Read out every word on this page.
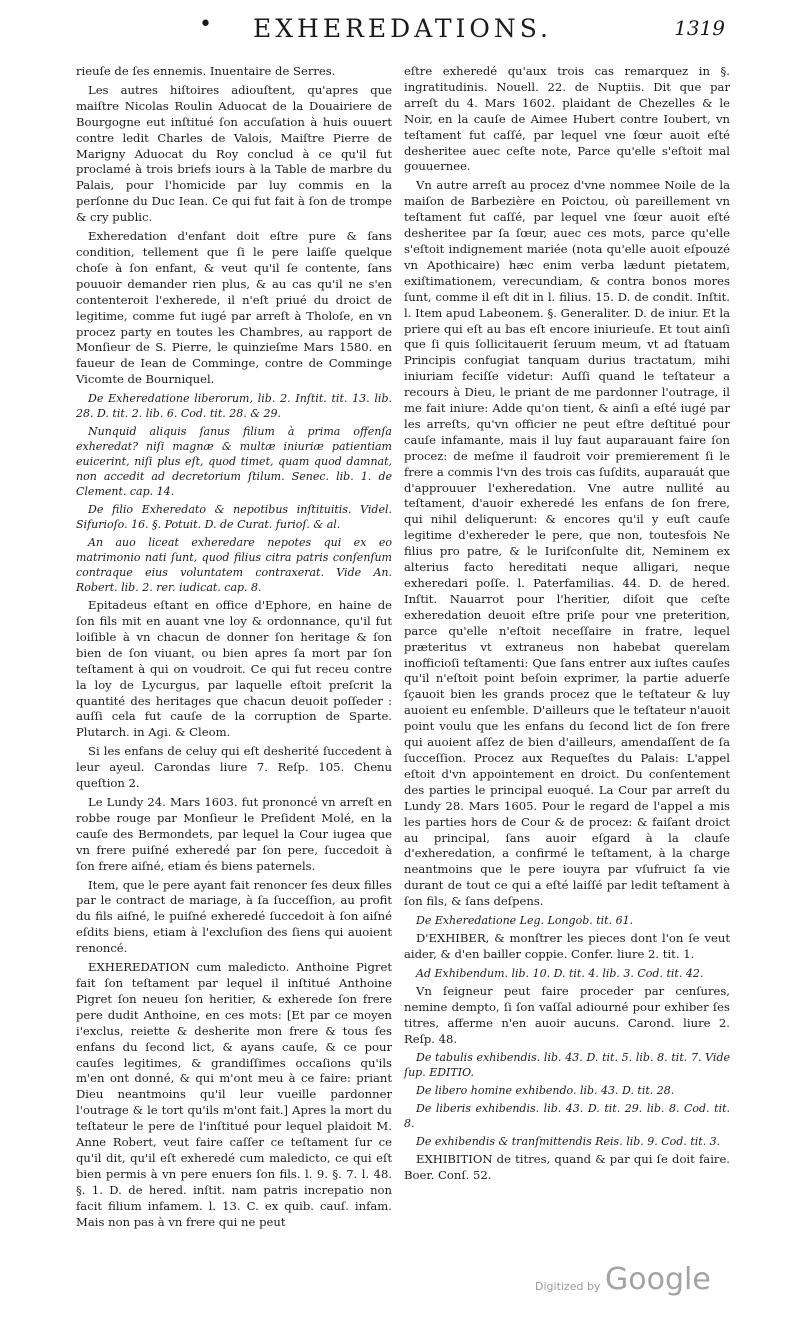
•	EXHEREDATIONS.	1319

rieuſe de ſes ennemis. Inuentaire de Serres.

Les autres hiſtoires adiouſtent, qu'apres que maiſtre Nicolas Roulin Aduocat de la Douairiere de Bourgogne eut inſtitué ſon accuſation à huis ouuert contre ledit Charles de Valois, Maiſtre Pierre de Marigny Aduocat du Roy conclud à ce qu'il fut proclamé à trois briefs iours à la Table de marbre du Palais, pour l'homicide par luy commis en la perſonne du Duc Iean. Ce qui fut fait à ſon de trompe & cry public.

Exheredation d'enfant doit eſtre pure & ſans condition, tellement que ſi le pere laiſſe quelque choſe à ſon enfant, & veut qu'il ſe contente, ſans pouuoir demander rien plus, & au cas qu'il ne s'en contenteroit l'exherede, il n'eſt priué du droict de legitime, comme fut iugé par arreſt à Tholoſe, en vn procez party en toutes les Chambres, au rapport de Monſieur de S. Pierre, le quinzieſme Mars 1580. en faueur de Iean de Comminge, contre de Comminge Vicomte de Bourniquel.

De Exheredatione liberorum, lib. 2. Inſtit. tit. 13. lib. 28. D. tit. 2. lib. 6. Cod. tit. 28. & 29.

Nunquid aliquis ſanus filium à prima offenſa exheredat? niſi magnæ & multæ iniuriæ patientiam euicerint, niſi plus eſt, quod timet, quam quod damnat, non accedit ad decretorium ſtilum. Senec. lib. 1. de Clement. cap. 14.

De filio Exheredato & nepotibus inſtituitis. Videl. Sifurioſo. 16. §. Potuit. D. de Curat. furioſ. & al.

An auo liceat exheredare nepotes qui ex eo matrimonio nati ſunt, quod filius citra patris conſenſum contraque eius voluntatem contraxerat. Vide An. Robert. lib. 2. rer. iudicat. cap. 8.

Epitadeus eſtant en office d'Ephore, en haine de ſon fils mit en auant vne loy & ordonnance, qu'il fut loiſible à vn chacun de donner ſon heritage & ſon bien de ſon viuant, ou bien apres ſa mort par ſon teſtament à qui on voudroit. Ce qui fut receu contre la loy de Lycurgus, par laquelle eſtoit preſcrit la quantité des heritages que chacun deuoit poſſeder : auſſi cela fut cauſe de la corruption de Sparte. Plutarch. in Agi. & Cleom.

Si les enfans de celuy qui eſt desherité ſuccedent à leur ayeul. Carondas liure 7. Reſp. 105. Chenu queſtion 2.

Le Lundy 24. Mars 1603. fut prononcé vn arreſt en robbe rouge par Monſieur le Preſident Molé, en la cauſe des Bermondets, par lequel la Cour iugea que vn frere puiſné exheredé par ſon pere, ſuccedoit à ſon frere aiſné, etiam és biens paternels.

Item, que le pere ayant fait renoncer ſes deux filles par le contract de mariage, à ſa ſucceſſion, au profit du fils aiſné, le puiſné exheredé ſuccedoit à ſon aiſné eſdits biens, etiam à l'excluſion des ſiens qui auoient renoncé.

EXHEREDATION cum maledicto. Anthoine Pigret fait ſon teſtament par lequel il inſtitué Anthoine Pigret ſon neueu ſon heritier, & exherede ſon frere pere dudit Anthoine, en ces mots: [Et par ce moyen i'exclus, reiette & desherite mon frere & tous ſes enfans du ſecond lict, & ayans cauſe, & ce pour cauſes legitimes, & grandiſſimes occaſions qu'ils m'en ont donné, & qui m'ont meu à ce faire: priant Dieu neantmoins qu'il leur vueille pardonner l'outrage & le tort qu'ils m'ont fait.] Apres la mort du teſtateur le pere de l'inſtitué pour lequel plaidoit M. Anne Robert, veut faire caſſer ce teſtament ſur ce qu'il dit, qu'il eſt exheredé cum maledicto, ce qui eſt bien permis à vn pere enuers ſon fils. l. 9. §. 7. l. 48. §. 1. D. de hered. inſtit. nam patris increpatio non facit filium infamem. l. 13. C. ex quib. cauſ. infam. Mais non pas à vn frere qui ne peut

eſtre exheredé qu'aux trois cas remarquez in §. ingratitudinis. Nouell. 22. de Nuptiis. Dit que par arreſt du 4. Mars 1602. plaidant de Chezelles & le Noir, en la cauſe de Aimee Hubert contre Ioubert, vn teſtament fut caſſé, par lequel vne ſœur auoit eſté desheritee auec ceſte note, Parce qu'elle s'eſtoit mal gouuernee.

Vn autre arreſt au procez d'vne nommee Noile de la maiſon de Barbezière en Poictou, où pareillement vn teſtament fut caſſé, par lequel vne ſœur auoit eſté desheritee par ſa ſœur, auec ces mots, parce qu'elle s'eſtoit indignement mariée (nota qu'elle auoit eſpouzé vn Apothicaire) hæc enim verba lædunt pietatem, exiſtimationem, verecundiam, & contra bonos mores ſunt, comme il eſt dit in l. filius. 15. D. de condit. Inſtit. l. Item apud Labeonem. §. Generaliter. D. de iniur. Et la priere qui eſt au bas eſt encore iniurieuſe. Et tout ainſi que ſi quis ſollicitauerit ſeruum meum, vt ad ſtatuam Principis confugiat tanquam durius tractatum, mihi iniuriam feciſſe videtur: Auſſi quand le teſtateur a recours à Dieu, le priant de me pardonner l'outrage, il me fait iniure: Adde qu'on tient, & ainſi a eſté iugé par les arreſts, qu'vn officier ne peut eſtre deſtitué pour cauſe infamante, mais il luy faut auparauant faire ſon procez: de meſme il faudroit voir premierement ſi le frere a commis l'vn des trois cas ſuſdits, auparauát que d'approuuer l'exheredation. Vne autre nullité au teſtament, d'auoir exheredé les enfans de ſon frere, qui nihil deliquerunt: & encores qu'il y euſt cauſe legitime d'exhereder le pere, que non, toutesfois Ne filius pro patre, & le Iuriſconſulte dit, Neminem ex alterius facto hereditati neque alligari, neque exheredari poſſe. l. Paterfamilias. 44. D. de hered. Inſtit. Nauarrot pour l'heritier, diſoit que ceſte exheredation deuoit eſtre priſe pour vne preterition, parce qu'elle n'eſtoit neceſſaire in fratre, lequel præteritus vt extraneus non habebat querelam inofficioſi teſtamenti: Que ſans entrer aux iuſtes cauſes qu'il n'eſtoit point beſoin exprimer, la partie aduerſe ſçauoit bien les grands procez que le teſtateur & luy auoient eu enſemble. D'ailleurs que le teſtateur n'auoit point voulu que les enfans du ſecond lict de ſon frere qui auoient aſſez de bien d'ailleurs, amendaſſent de ſa ſucceſſion. Procez aux Requeſtes du Palais: L'appel eſtoit d'vn appointement en droict. Du conſentement des parties le principal euoqué. La Cour par arreſt du Lundy 28. Mars 1605. Pour le regard de l'appel a mis les parties hors de Cour & de procez: & faiſant droict au principal, ſans auoir eſgard à la clauſe d'exheredation, a confirmé le teſtament, à la charge neantmoins que le pere iouyra par vſufruict ſa vie durant de tout ce qui a eſté laiſſé par ledit teſtament à ſon fils, & ſans deſpens.

De Exheredatione Leg. Longob. tit. 61.

D'EXHIBER, & monſtrer les pieces dont l'on ſe veut aider, & d'en bailler coppie. Confer. liure 2. tit. 1.

Ad Exhibendum. lib. 10. D. tit. 4. lib. 3. Cod. tit. 42.

Vn ſeigneur peut faire proceder par cenſures, nemine dempto, ſi ſon vaſſal adiourné pour exhiber ſes titres, afferme n'en auoir aucuns. Carond. liure 2. Reſp. 48.

De tabulis exhibendis. lib. 43. D. tit. 5. lib. 8. tit. 7. Vide ſup. EDITIO.

De libero homine exhibendo. lib. 43. D. tit. 28.

De liberis exhibendis. lib. 43. D. tit. 29. lib. 8. Cod. tit. 8.

De exhibendis & tranſmittendis Reis. lib. 9. Cod. tit. 3.

EXHIBITION de titres, quand & par qui ſe doit faire. Boer. Conſ. 52.

Digitized by Google
